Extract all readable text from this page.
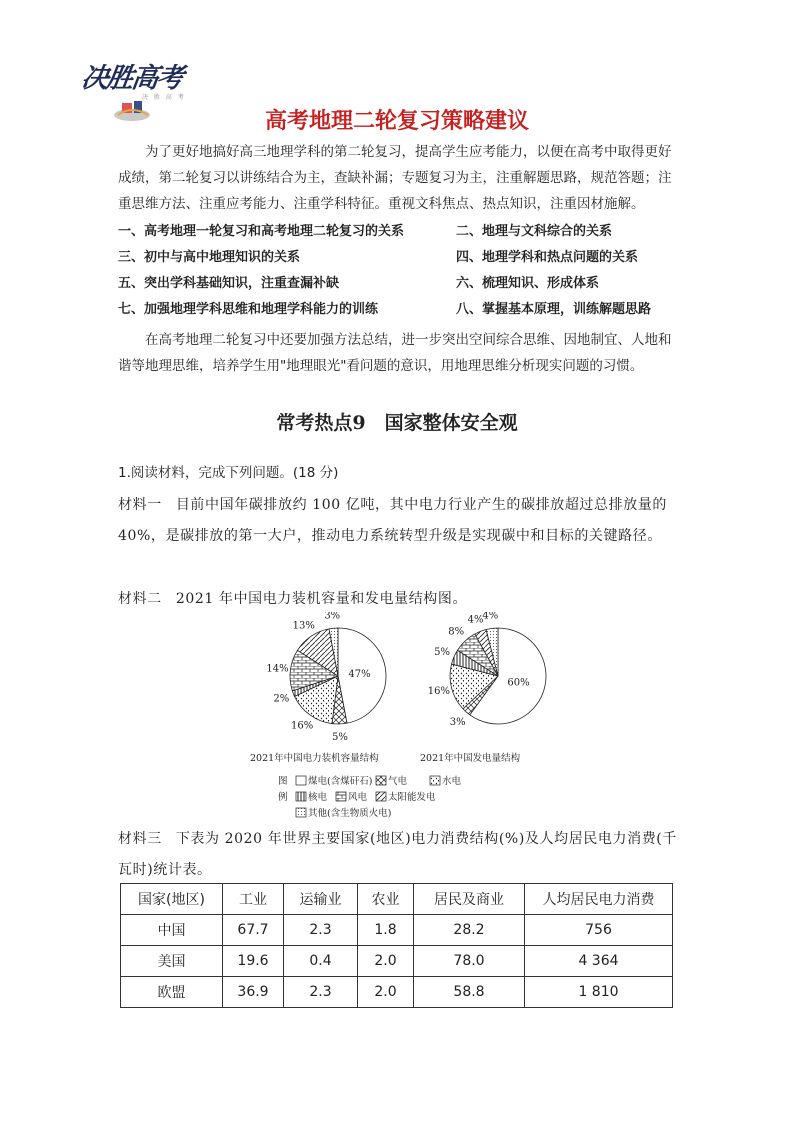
决胜高考
决 胜 高 考
高考地理二轮复习策略建议
为了更好地搞好高三地理学科的第二轮复习，提高学生应考能力，以便在高考中取得更好成绩，第二轮复习以讲练结合为主，查缺补漏；专题复习为主，注重解题思路，规范答题；注重思维方法、注重应考能力、注重学科特征。重视文科焦点、热点知识，注重因材施解。
一、高考地理一轮复习和高考地理二轮复习的关系	二、地理与文科综合的关系
三、初中与高中地理知识的关系	四、地理学科和热点问题的关系
五、突出学科基础知识，注重查漏补缺	六、梳理知识、形成体系
七、加强地理学科思维和地理学科能力的训练	八、掌握基本原理，训练解题思路
在高考地理二轮复习中还要加强方法总结，进一步突出空间综合思维、因地制宜、人地和谐等地理思维，培养学生用"地理眼光"看问题的意识，用地理思维分析现实问题的习惯。
常考热点9　国家整体安全观
1.阅读材料，完成下列问题。(18 分)
材料一 目前中国年碳排放约 100 亿吨，其中电力行业产生的碳排放超过总排放量的 40%，是碳排放的第一大户，推动电力系统转型升级是实现碳中和目标的关键路径。
材料二 2021 年中国电力装机容量和发电量结构图。
47%
5%
16%
2%
14%
13%
3%
60%
3%
16%
5%
8%
4%
4%
2021年中国电力装机容量结构	2021年中国发电量结构
图
例
煤电(含煤矸石) 气电	水电
核电 风电 太阳能发电
其他(含生物质火电)
材料三 下表为 2020 年世界主要国家(地区)电力消费结构(%)及人均居民电力消费(千瓦时)统计表。
国家(地区)	工业	运输业	农业	居民及商业	人均居民电力消费
中国	67.7	2.3	1.8	28.2	756
美国	19.6	0.4	2.0	78.0	4 364
欧盟	36.9	2.3	2.0	58.8	1 810
